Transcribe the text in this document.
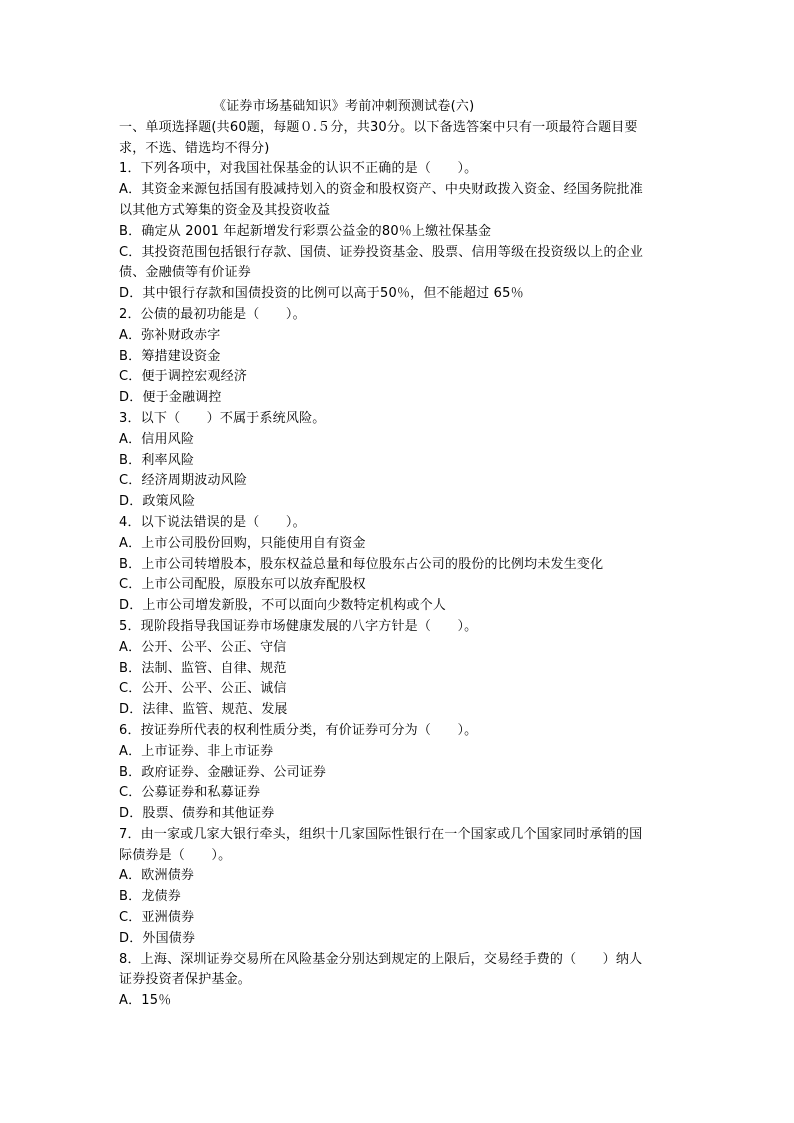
《证券市场基础知识》考前冲刺预测试卷(六)
一、单项选择题(共60题，每题０.５分，共30分。以下备选答案中只有一项最符合题目要
求，不选、错选均不得分)
1．下列各项中，对我国社保基金的认识不正确的是（　　）。
A．其资金来源包括国有股减持划入的资金和股权资产、中央财政拨入资金、经国务院批准
以其他方式筹集的资金及其投资收益
B．确定从 2001 年起新增发行彩票公益金的80％上缴社保基金
C．其投资范围包括银行存款、国债、证券投资基金、股票、信用等级在投资级以上的企业
债、金融债等有价证券
D．其中银行存款和国债投资的比例可以高于50％，但不能超过 65％
2．公债的最初功能是（　　）。
A．弥补财政赤字
B．筹措建设资金
C．便于调控宏观经济
D．便于金融调控
3．以下（　　）不属于系统风险。
A．信用风险
B．利率风险
C．经济周期波动风险
D．政策风险
4．以下说法错误的是（　　）。
A．上市公司股份回购，只能使用自有资金
B．上市公司转增股本，股东权益总量和每位股东占公司的股份的比例均未发生变化
C．上市公司配股，原股东可以放弃配股权
D．上市公司增发新股，不可以面向少数特定机构或个人
5．现阶段指导我国证券市场健康发展的八字方针是（　　）。
A．公开、公平、公正、守信
B．法制、监管、自律、规范
C．公开、公平、公正、诚信
D．法律、监管、规范、发展
6．按证券所代表的权利性质分类，有价证券可分为（　　）。
A．上市证券、非上市证券
B．政府证券、金融证券、公司证券
C．公募证券和私募证券
D．股票、债券和其他证券
7．由一家或几家大银行牵头，组织十几家国际性银行在一个国家或几个国家同时承销的国
际债券是（　　）。
A．欧洲债券
B．龙债券
C．亚洲债券
D．外国债券
8．上海、深圳证券交易所在风险基金分别达到规定的上限后，交易经手费的（　　）纳人
证券投资者保护基金。
A．15％
